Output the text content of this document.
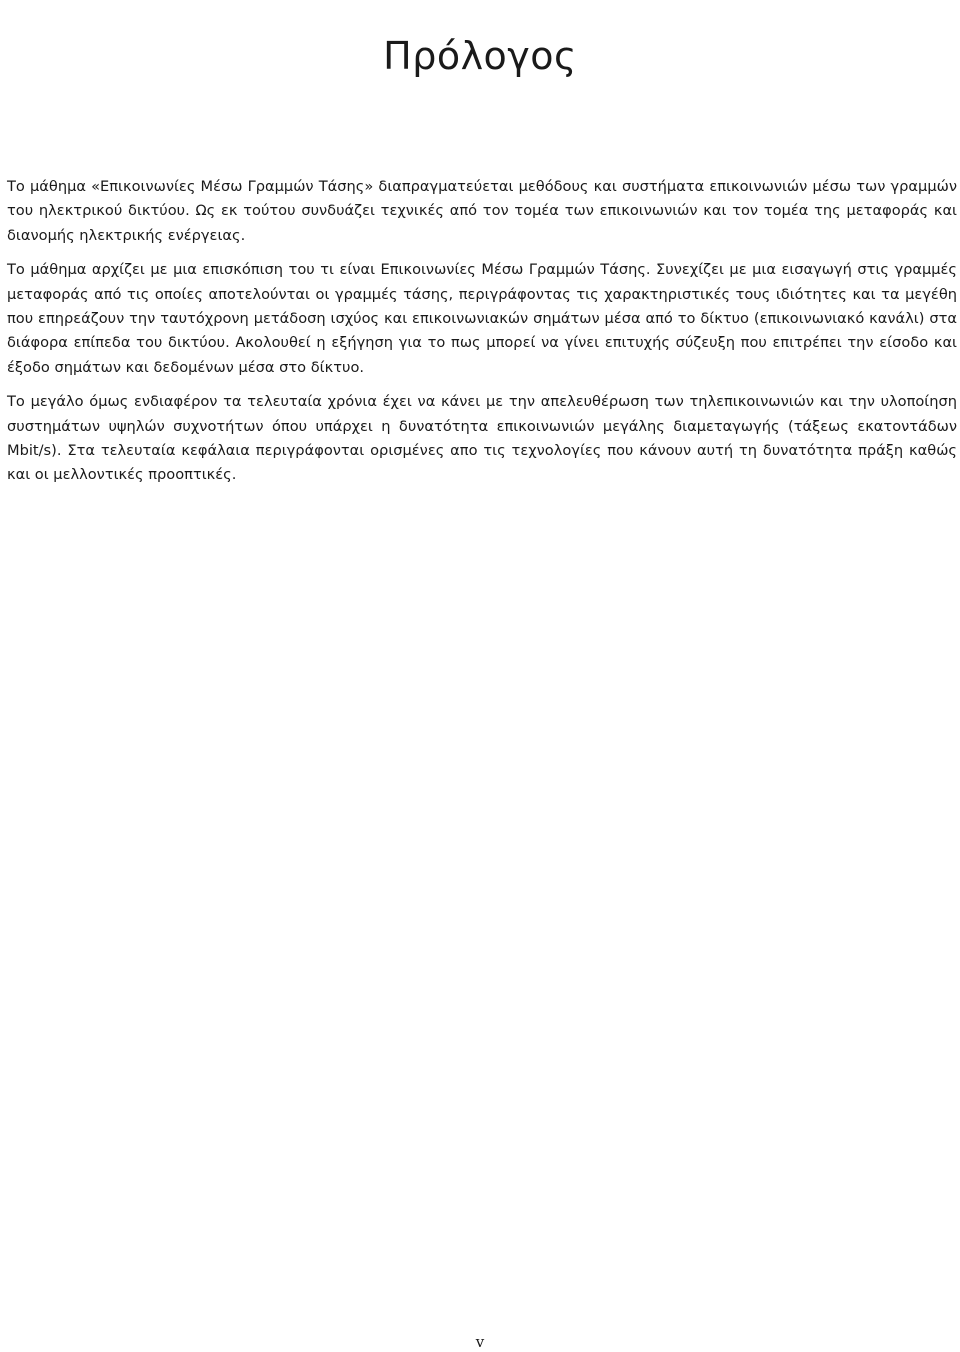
Πρόλογος

Το μάθημα «Επικοινωνίες Μέσω Γραμμών Τάσης» διαπραγματεύεται μεθόδους και συστήματα επικοινωνιών μέσω των γραμμών του ηλεκτρικού δικτύου. Ως εκ τούτου συνδυάζει τεχνικές από τον τομέα των επικοινωνιών και τον τομέα της μεταφοράς και διανομής ηλεκτρικής ενέργειας.

Το μάθημα αρχίζει με μια επισκόπιση του τι είναι Επικοινωνίες Μέσω Γραμμών Τάσης. Συνεχίζει με μια εισαγωγή στις γραμμές μεταφοράς από τις οποίες αποτελούνται οι γραμμές τάσης, περιγράφοντας τις χαρακτηριστικές τους ιδιότητες και τα μεγέθη που επηρεάζουν την ταυτόχρονη μετάδοση ισχύος και επικοινωνιακών σημάτων μέσα από το δίκτυο (επικοινωνιακό κανάλι) στα διάφορα επίπεδα του δικτύου. Ακολουθεί η εξήγηση για το πως μπορεί να γίνει επιτυχής σύζευξη που επιτρέπει την είσοδο και έξοδο σημάτων και δεδομένων μέσα στο δίκτυο.

Το μεγάλο όμως ενδιαφέρον τα τελευταία χρόνια έχει να κάνει με την απελευθέρωση των τηλεπικοινωνιών και την υλοποίηση συστημάτων υψηλών συχνοτήτων όπου υπάρχει η δυνατότητα επικοινωνιών μεγάλης διαμεταγωγής (τάξεως εκατοντάδων Mbit/s). Στα τελευταία κεφάλαια περιγράφονται ορισμένες απο τις τεχνολογίες που κάνουν αυτή τη δυνατότητα πράξη καθώς και οι μελλοντικές προοπτικές.

v
